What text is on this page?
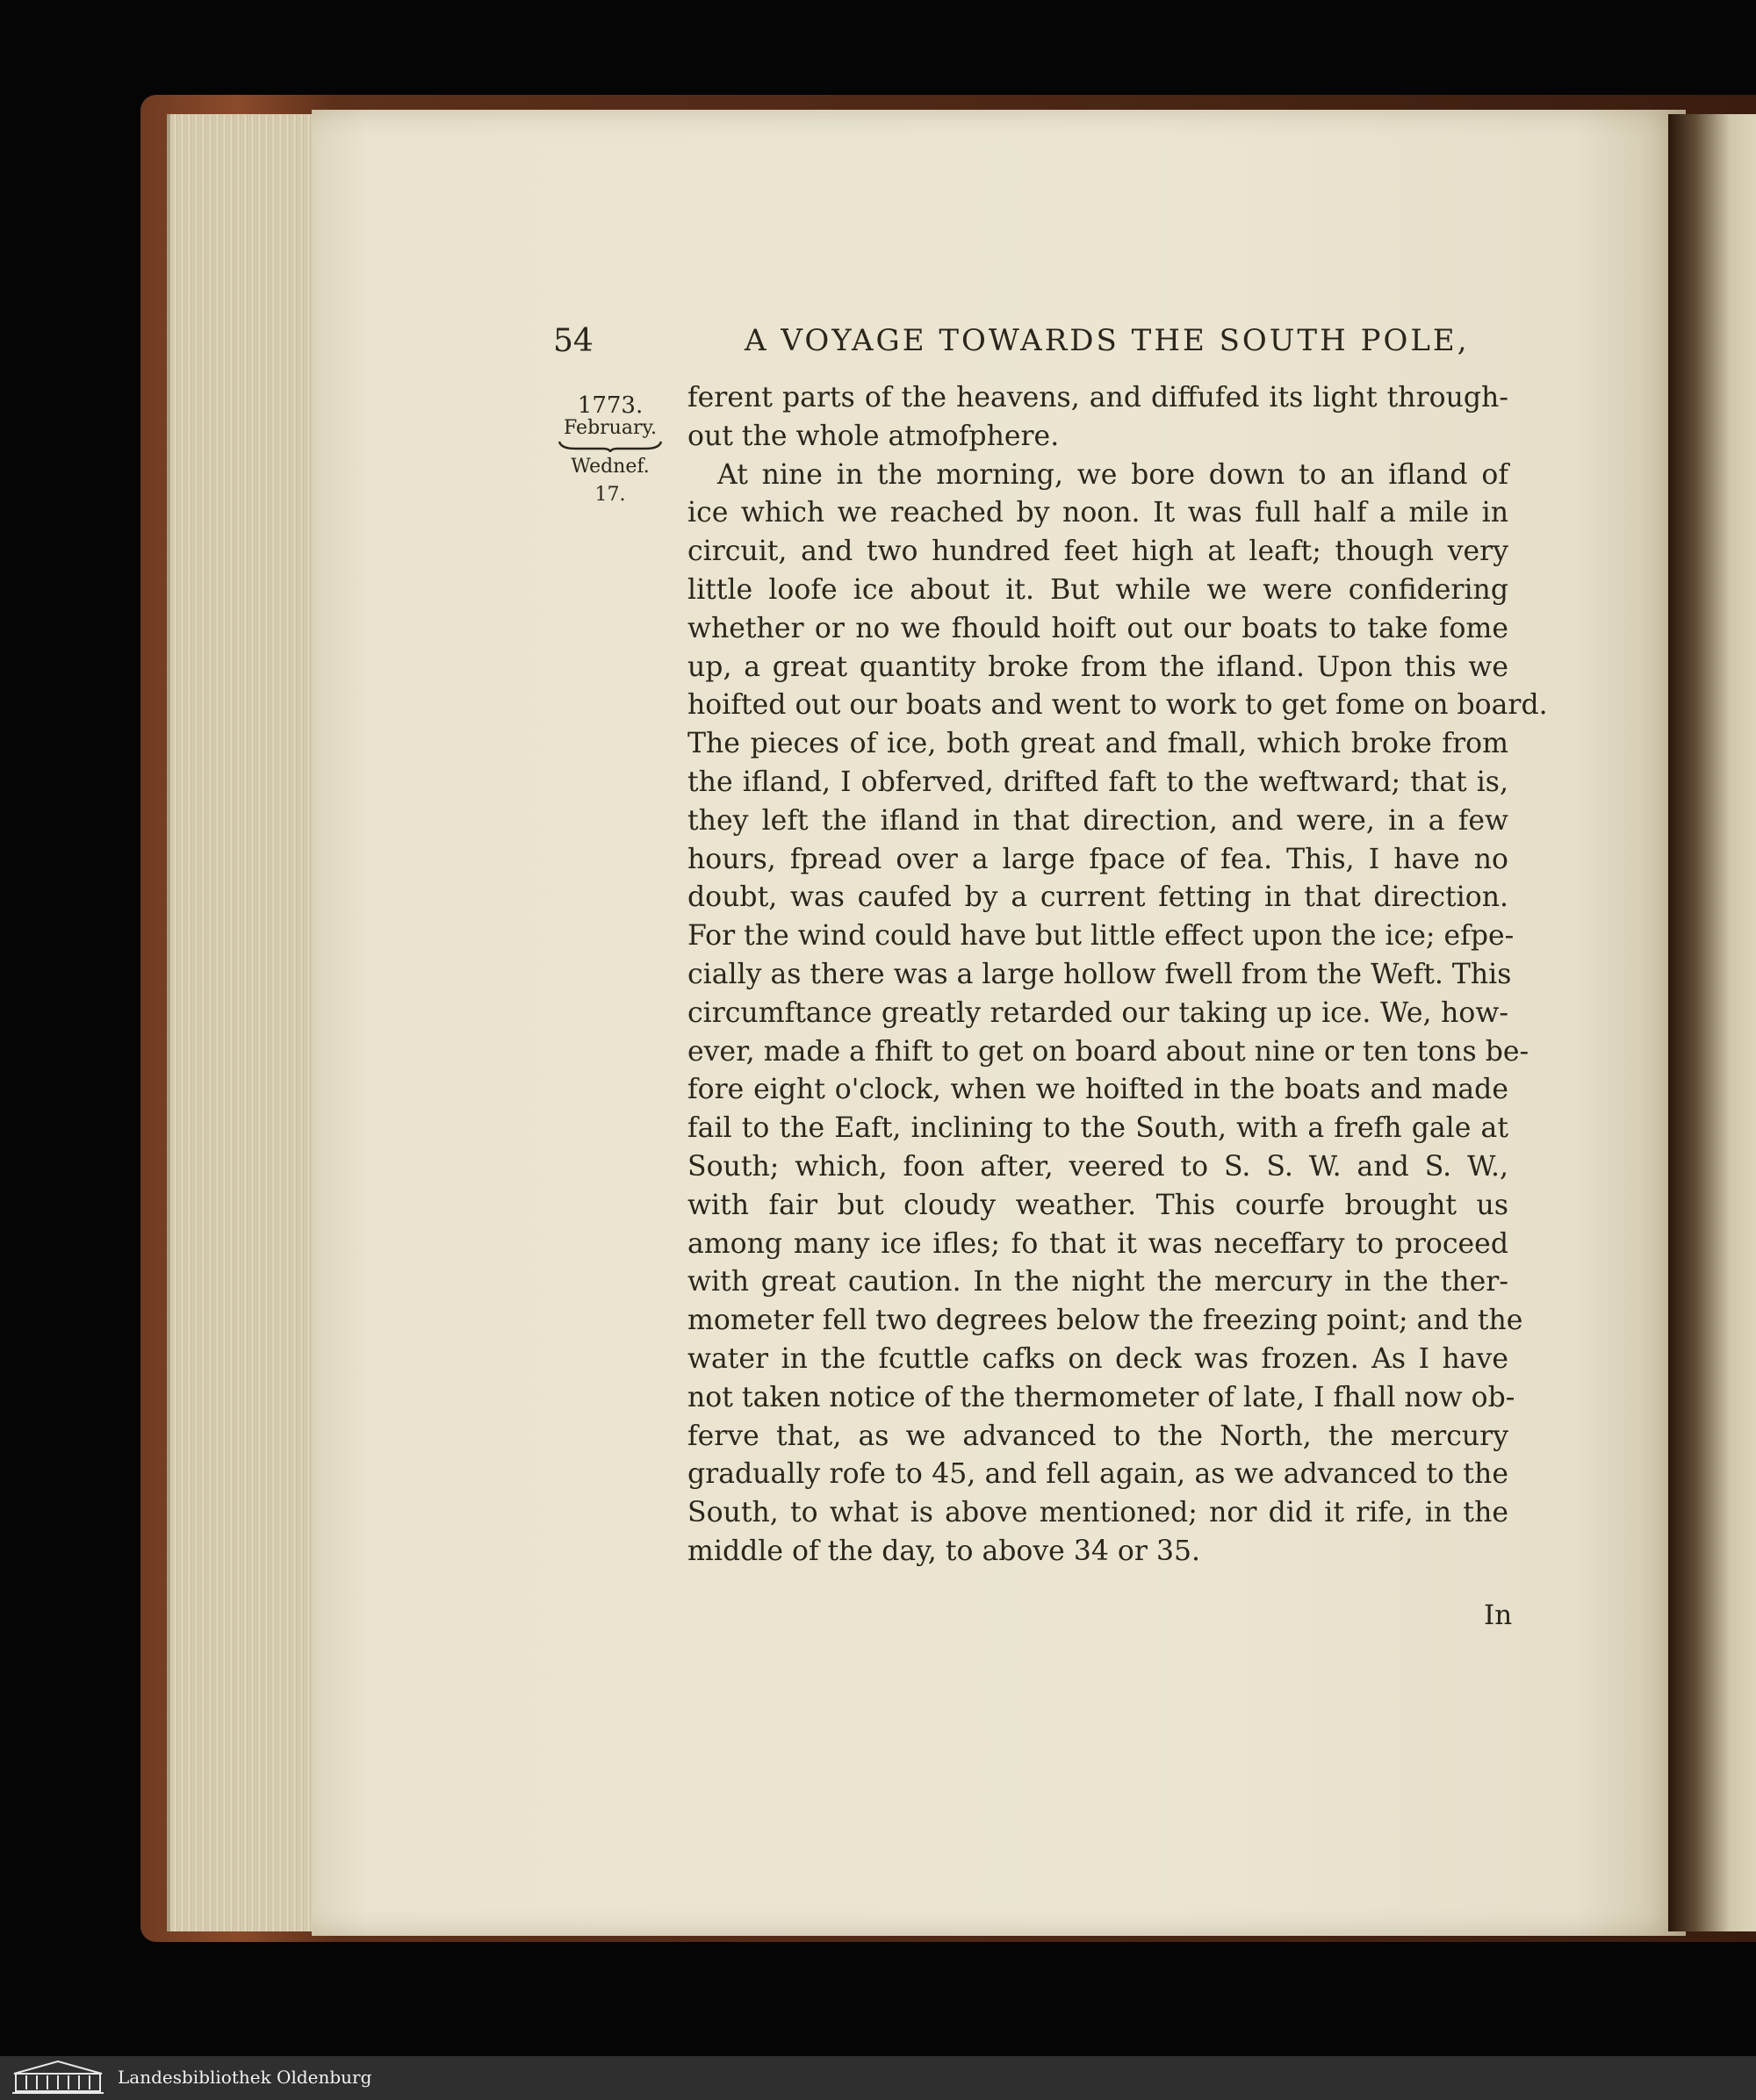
54	A VOYAGE TOWARDS THE SOUTH POLE,
1773.
February.
Wednef. 17.
ferent parts of the heavens, and diffufed its light through-
out the whole atmofphere.
At nine in the morning, we bore down to an ifland of
ice which we reached by noon. It was full half a mile in
circuit, and two hundred feet high at leaft; though very
little loofe ice about it. But while we were confidering
whether or no we fhould hoift out our boats to take fome
up, a great quantity broke from the ifland. Upon this we
hoifted out our boats and went to work to get fome on board.
The pieces of ice, both great and fmall, which broke from
the ifland, I obferved, drifted faft to the weftward; that is,
they left the ifland in that direction, and were, in a few
hours, fpread over a large fpace of fea. This, I have no
doubt, was caufed by a current fetting in that direction.
For the wind could have but little effect upon the ice; efpe-
cially as there was a large hollow fwell from the Weft. This
circumftance greatly retarded our taking up ice. We, how-
ever, made a fhift to get on board about nine or ten tons be-
fore eight o'clock, when we hoifted in the boats and made
fail to the Eaft, inclining to the South, with a frefh gale at
South; which, foon after, veered to S. S. W. and S. W.,
with fair but cloudy weather. This courfe brought us
among many ice ifles; fo that it was neceffary to proceed
with great caution. In the night the mercury in the ther-
mometer fell two degrees below the freezing point; and the
water in the fcuttle cafks on deck was frozen. As I have
not taken notice of the thermometer of late, I fhall now ob-
ferve that, as we advanced to the North, the mercury
gradually rofe to 45, and fell again, as we advanced to the
South, to what is above mentioned; nor did it rife, in the
middle of the day, to above 34 or 35.
In
Landesbibliothek Oldenburg
